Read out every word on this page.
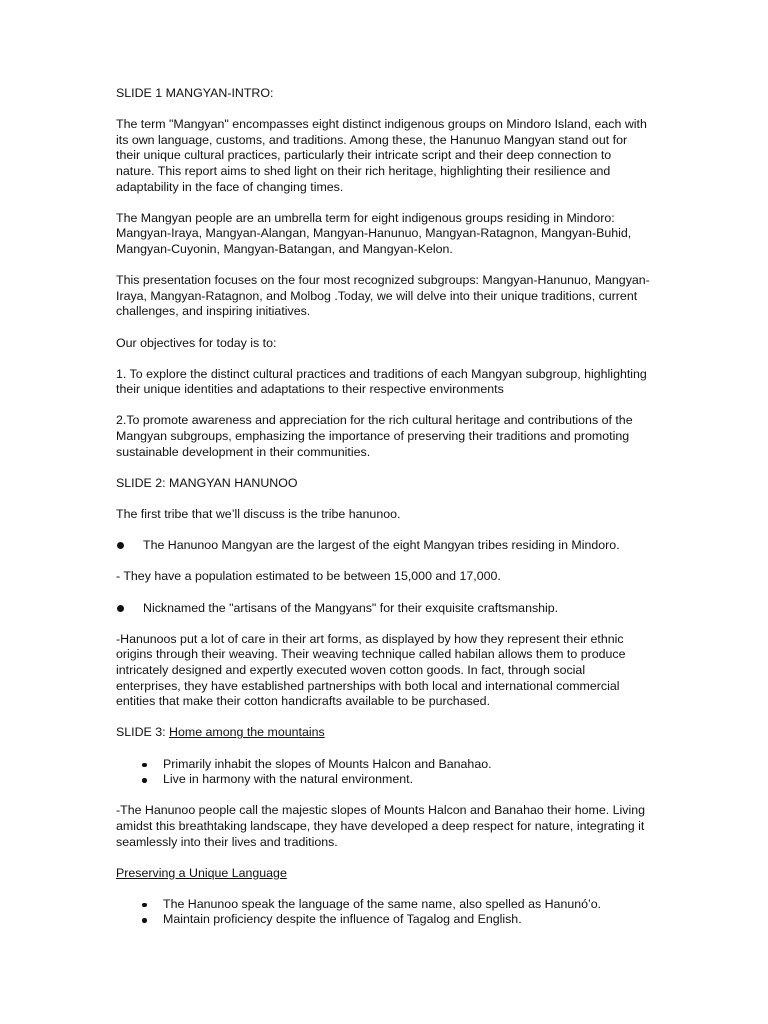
SLIDE 1 MANGYAN-INTRO:

The term "Mangyan" encompasses eight distinct indigenous groups on Mindoro Island, each with its own language, customs, and traditions. Among these, the Hanunuo Mangyan stand out for their unique cultural practices, particularly their intricate script and their deep connection to nature. This report aims to shed light on their rich heritage, highlighting their resilience and adaptability in the face of changing times.

The Mangyan people are an umbrella term for eight indigenous groups residing in Mindoro: Mangyan-Iraya, Mangyan-Alangan, Mangyan-Hanunuo, Mangyan-Ratagnon, Mangyan-Buhid, Mangyan-Cuyonin, Mangyan-Batangan, and Mangyan-Kelon.

This presentation focuses on the four most recognized subgroups: Mangyan-Hanunuo, Mangyan-Iraya, Mangyan-Ratagnon, and Molbog .Today, we will delve into their unique traditions, current challenges, and inspiring initiatives.

Our objectives for today is to:

1. To explore the distinct cultural practices and traditions of each Mangyan subgroup, highlighting their unique identities and adaptations to their respective environments

2.To promote awareness and appreciation for the rich cultural heritage and contributions of the Mangyan subgroups, emphasizing the importance of preserving their traditions and promoting sustainable development in their communities.

SLIDE 2: MANGYAN HANUNOO

The first tribe that we’ll discuss is the tribe hanunoo.

The Hanunoo Mangyan are the largest of the eight Mangyan tribes residing in Mindoro.

- They have a population estimated to be between 15,000 and 17,000.

Nicknamed the "artisans of the Mangyans" for their exquisite craftsmanship.

-Hanunoos put a lot of care in their art forms, as displayed by how they represent their ethnic origins through their weaving. Their weaving technique called habilan allows them to produce intricately designed and expertly executed woven cotton goods. In fact, through social enterprises, they have established partnerships with both local and international commercial entities that make their cotton handicrafts available to be purchased.

SLIDE 3: Home among the mountains

Primarily inhabit the slopes of Mounts Halcon and Banahao.
Live in harmony with the natural environment.

-The Hanunoo people call the majestic slopes of Mounts Halcon and Banahao their home. Living amidst this breathtaking landscape, they have developed a deep respect for nature, integrating it seamlessly into their lives and traditions.

Preserving a Unique Language

The Hanunoo speak the language of the same name, also spelled as Hanunó’o.
Maintain proficiency despite the influence of Tagalog and English.
